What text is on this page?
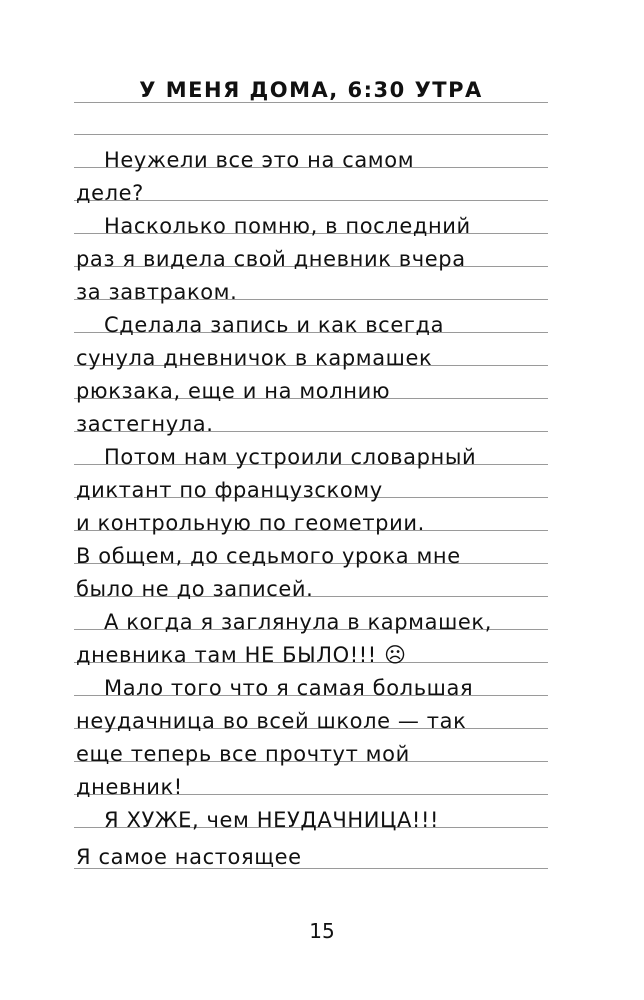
У МЕНЯ ДОМА, 6:30 УТРА
Неужели все это на самом
деле?
Насколько помню, в последний
раз я видела свой дневник вчера
за завтраком.
Сделала запись и как всегда
сунула дневничок в кармашек
рюкзака, еще и на молнию
застегнула.
Потом нам устроили словарный
диктант по французскому
и контрольную по геометрии.
В общем, до седьмого урока мне
было не до записей.
А когда я заглянула в кармашек,
дневника там НЕ БЫЛО!!! ☹
Мало того что я самая большая
неудачница во всей школе — так
еще теперь все прочтут мой
дневник!
Я ХУЖЕ, чем НЕУДАЧНИЦА!!!
Я самое настоящее
15
